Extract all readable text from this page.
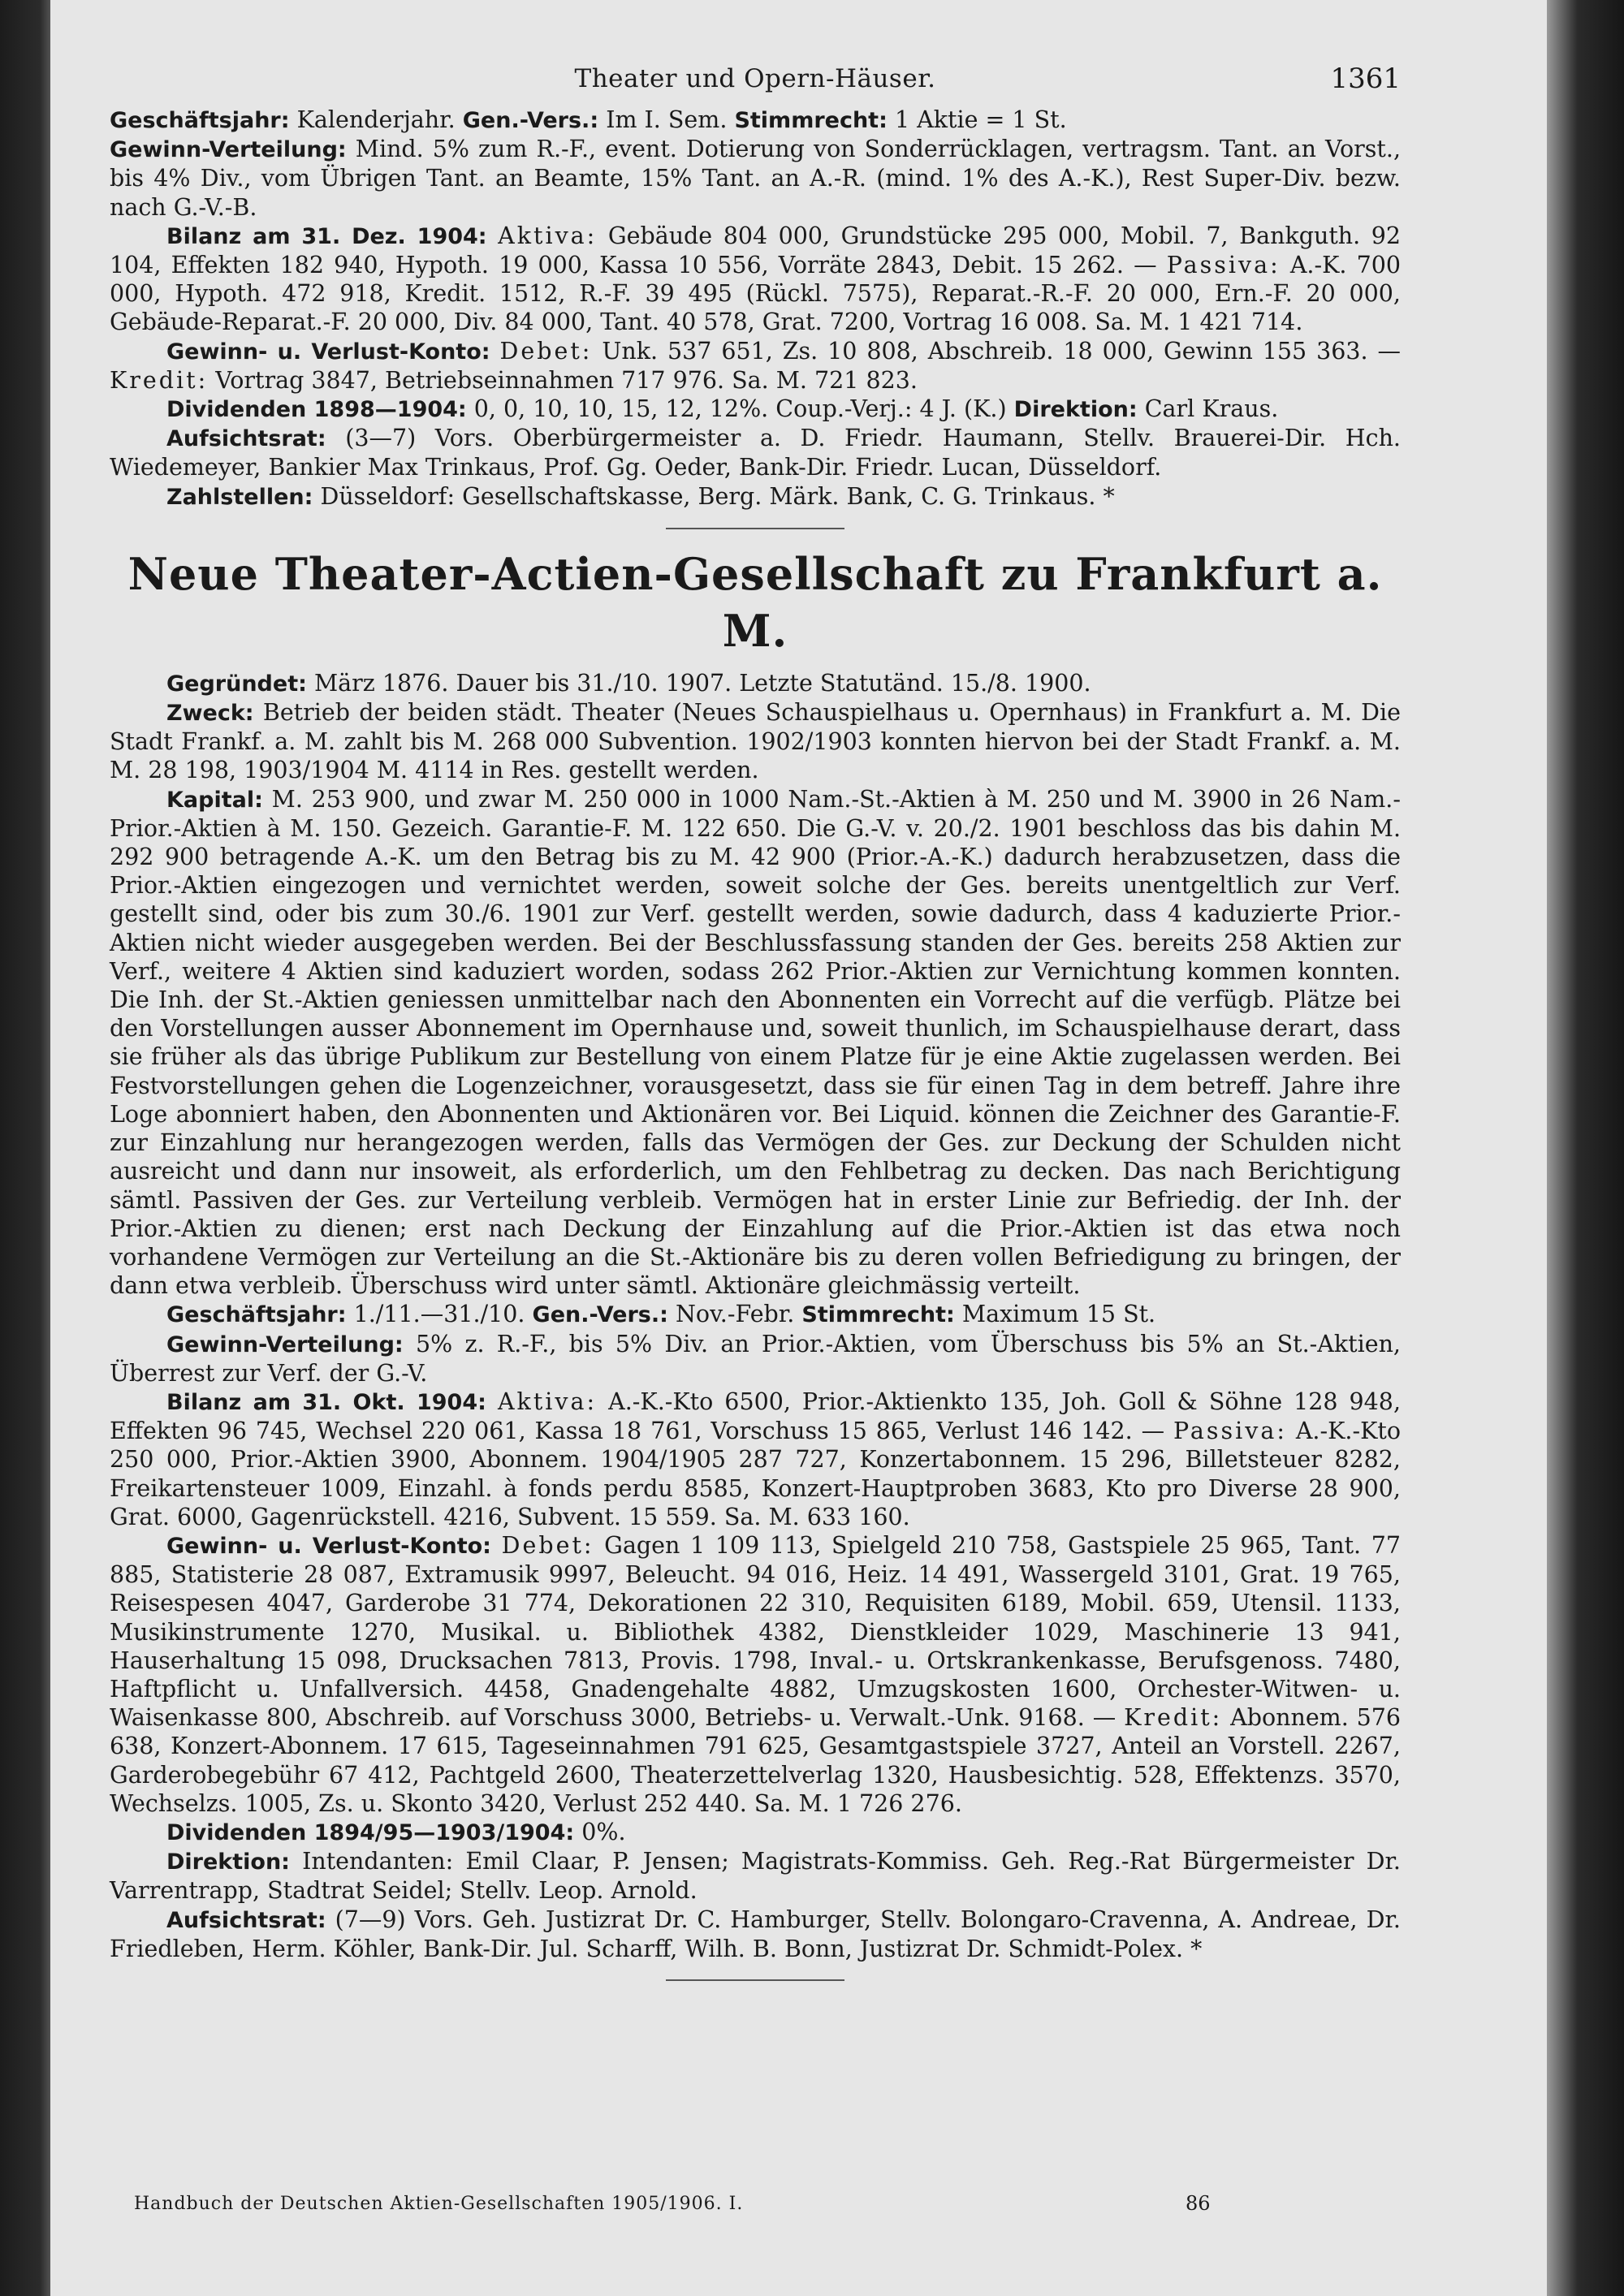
Theater und Opern-Häuser.	1361

Geschäftsjahr: Kalenderjahr. Gen.-Vers.: Im I. Sem. Stimmrecht: 1 Aktie = 1 St.

Gewinn-Verteilung: Mind. 5% zum R.-F., event. Dotierung von Sonderrücklagen, vertragsm. Tant. an Vorst., bis 4% Div., vom Übrigen Tant. an Beamte, 15% Tant. an A.-R. (mind. 1% des A.-K.), Rest Super-Div. bezw. nach G.-V.-B.

Bilanz am 31. Dez. 1904: Aktiva: Gebäude 804 000, Grundstücke 295 000, Mobil. 7, Bankguth. 92 104, Effekten 182 940, Hypoth. 19 000, Kassa 10 556, Vorräte 2843, Debit. 15 262. — Passiva: A.-K. 700 000, Hypoth. 472 918, Kredit. 1512, R.-F. 39 495 (Rückl. 7575), Reparat.-R.-F. 20 000, Ern.-F. 20 000, Gebäude-Reparat.-F. 20 000, Div. 84 000, Tant. 40 578, Grat. 7200, Vortrag 16 008. Sa. M. 1 421 714.

Gewinn- u. Verlust-Konto: Debet: Unk. 537 651, Zs. 10 808, Abschreib. 18 000, Gewinn 155 363. — Kredit: Vortrag 3847, Betriebseinnahmen 717 976. Sa. M. 721 823.

Dividenden 1898—1904: 0, 0, 10, 10, 15, 12, 12%. Coup.-Verj.: 4 J. (K.) Direktion: Carl Kraus.

Aufsichtsrat: (3—7) Vors. Oberbürgermeister a. D. Friedr. Haumann, Stellv. Brauerei-Dir. Hch. Wiedemeyer, Bankier Max Trinkaus, Prof. Gg. Oeder, Bank-Dir. Friedr. Lucan, Düsseldorf.

Zahlstellen: Düsseldorf: Gesellschaftskasse, Berg. Märk. Bank, C. G. Trinkaus. *

Neue Theater-Actien-Gesellschaft zu Frankfurt a. M.

Gegründet: März 1876. Dauer bis 31./10. 1907. Letzte Statutänd. 15./8. 1900.

Zweck: Betrieb der beiden städt. Theater (Neues Schauspielhaus u. Opernhaus) in Frankfurt a. M. Die Stadt Frankf. a. M. zahlt bis M. 268 000 Subvention. 1902/1903 konnten hiervon bei der Stadt Frankf. a. M. M. 28 198, 1903/1904 M. 4114 in Res. gestellt werden.

Kapital: M. 253 900, und zwar M. 250 000 in 1000 Nam.-St.-Aktien à M. 250 und M. 3900 in 26 Nam.-Prior.-Aktien à M. 150. Gezeich. Garantie-F. M. 122 650. Die G.-V. v. 20./2. 1901 beschloss das bis dahin M. 292 900 betragende A.-K. um den Betrag bis zu M. 42 900 (Prior.-A.-K.) dadurch herabzusetzen, dass die Prior.-Aktien eingezogen und vernichtet werden, soweit solche der Ges. bereits unentgeltlich zur Verf. gestellt sind, oder bis zum 30./6. 1901 zur Verf. gestellt werden, sowie dadurch, dass 4 kaduzierte Prior.-Aktien nicht wieder ausgegeben werden. Bei der Beschlussfassung standen der Ges. bereits 258 Aktien zur Verf., weitere 4 Aktien sind kaduziert worden, sodass 262 Prior.-Aktien zur Vernichtung kommen konnten. Die Inh. der St.-Aktien geniessen unmittelbar nach den Abonnenten ein Vorrecht auf die verfügb. Plätze bei den Vorstellungen ausser Abonnement im Opernhause und, soweit thunlich, im Schauspielhause derart, dass sie früher als das übrige Publikum zur Bestellung von einem Platze für je eine Aktie zugelassen werden. Bei Festvorstellungen gehen die Logenzeichner, vorausgesetzt, dass sie für einen Tag in dem betreff. Jahre ihre Loge abonniert haben, den Abonnenten und Aktionären vor. Bei Liquid. können die Zeichner des Garantie-F. zur Einzahlung nur herangezogen werden, falls das Vermögen der Ges. zur Deckung der Schulden nicht ausreicht und dann nur insoweit, als erforderlich, um den Fehlbetrag zu decken. Das nach Berichtigung sämtl. Passiven der Ges. zur Verteilung verbleib. Vermögen hat in erster Linie zur Befriedig. der Inh. der Prior.-Aktien zu dienen; erst nach Deckung der Einzahlung auf die Prior.-Aktien ist das etwa noch vorhandene Vermögen zur Verteilung an die St.-Aktionäre bis zu deren vollen Befriedigung zu bringen, der dann etwa verbleib. Überschuss wird unter sämtl. Aktionäre gleichmässig verteilt.

Geschäftsjahr: 1./11.—31./10. Gen.-Vers.: Nov.-Febr. Stimmrecht: Maximum 15 St.

Gewinn-Verteilung: 5% z. R.-F., bis 5% Div. an Prior.-Aktien, vom Überschuss bis 5% an St.-Aktien, Überrest zur Verf. der G.-V.

Bilanz am 31. Okt. 1904: Aktiva: A.-K.-Kto 6500, Prior.-Aktienkto 135, Joh. Goll & Söhne 128 948, Effekten 96 745, Wechsel 220 061, Kassa 18 761, Vorschuss 15 865, Verlust 146 142. — Passiva: A.-K.-Kto 250 000, Prior.-Aktien 3900, Abonnem. 1904/1905 287 727, Konzertabonnem. 15 296, Billetsteuer 8282, Freikartensteuer 1009, Einzahl. à fonds perdu 8585, Konzert-Hauptproben 3683, Kto pro Diverse 28 900, Grat. 6000, Gagenrückstell. 4216, Subvent. 15 559. Sa. M. 633 160.

Gewinn- u. Verlust-Konto: Debet: Gagen 1 109 113, Spielgeld 210 758, Gastspiele 25 965, Tant. 77 885, Statisterie 28 087, Extramusik 9997, Beleucht. 94 016, Heiz. 14 491, Wassergeld 3101, Grat. 19 765, Reisespesen 4047, Garderobe 31 774, Dekorationen 22 310, Requisiten 6189, Mobil. 659, Utensil. 1133, Musikinstrumente 1270, Musikal. u. Bibliothek 4382, Dienstkleider 1029, Maschinerie 13 941, Hauserhaltung 15 098, Drucksachen 7813, Provis. 1798, Inval.- u. Ortskrankenkasse, Berufsgenoss. 7480, Haftpflicht u. Unfallversich. 4458, Gnadengehalte 4882, Umzugskosten 1600, Orchester-Witwen- u. Waisenkasse 800, Abschreib. auf Vorschuss 3000, Betriebs- u. Verwalt.-Unk. 9168. — Kredit: Abonnem. 576 638, Konzert-Abonnem. 17 615, Tageseinnahmen 791 625, Gesamtgastspiele 3727, Anteil an Vorstell. 2267, Garderobegebühr 67 412, Pachtgeld 2600, Theaterzettelverlag 1320, Hausbesichtig. 528, Effektenzs. 3570, Wechselzs. 1005, Zs. u. Skonto 3420, Verlust 252 440. Sa. M. 1 726 276.

Dividenden 1894/95—1903/1904: 0%.

Direktion: Intendanten: Emil Claar, P. Jensen; Magistrats-Kommiss. Geh. Reg.-Rat Bürgermeister Dr. Varrentrapp, Stadtrat Seidel; Stellv. Leop. Arnold.

Aufsichtsrat: (7—9) Vors. Geh. Justizrat Dr. C. Hamburger, Stellv. Bolongaro-Cravenna, A. Andreae, Dr. Friedleben, Herm. Köhler, Bank-Dir. Jul. Scharff, Wilh. B. Bonn, Justizrat Dr. Schmidt-Polex. *

Handbuch der Deutschen Aktien-Gesellschaften 1905/1906. I.	86
